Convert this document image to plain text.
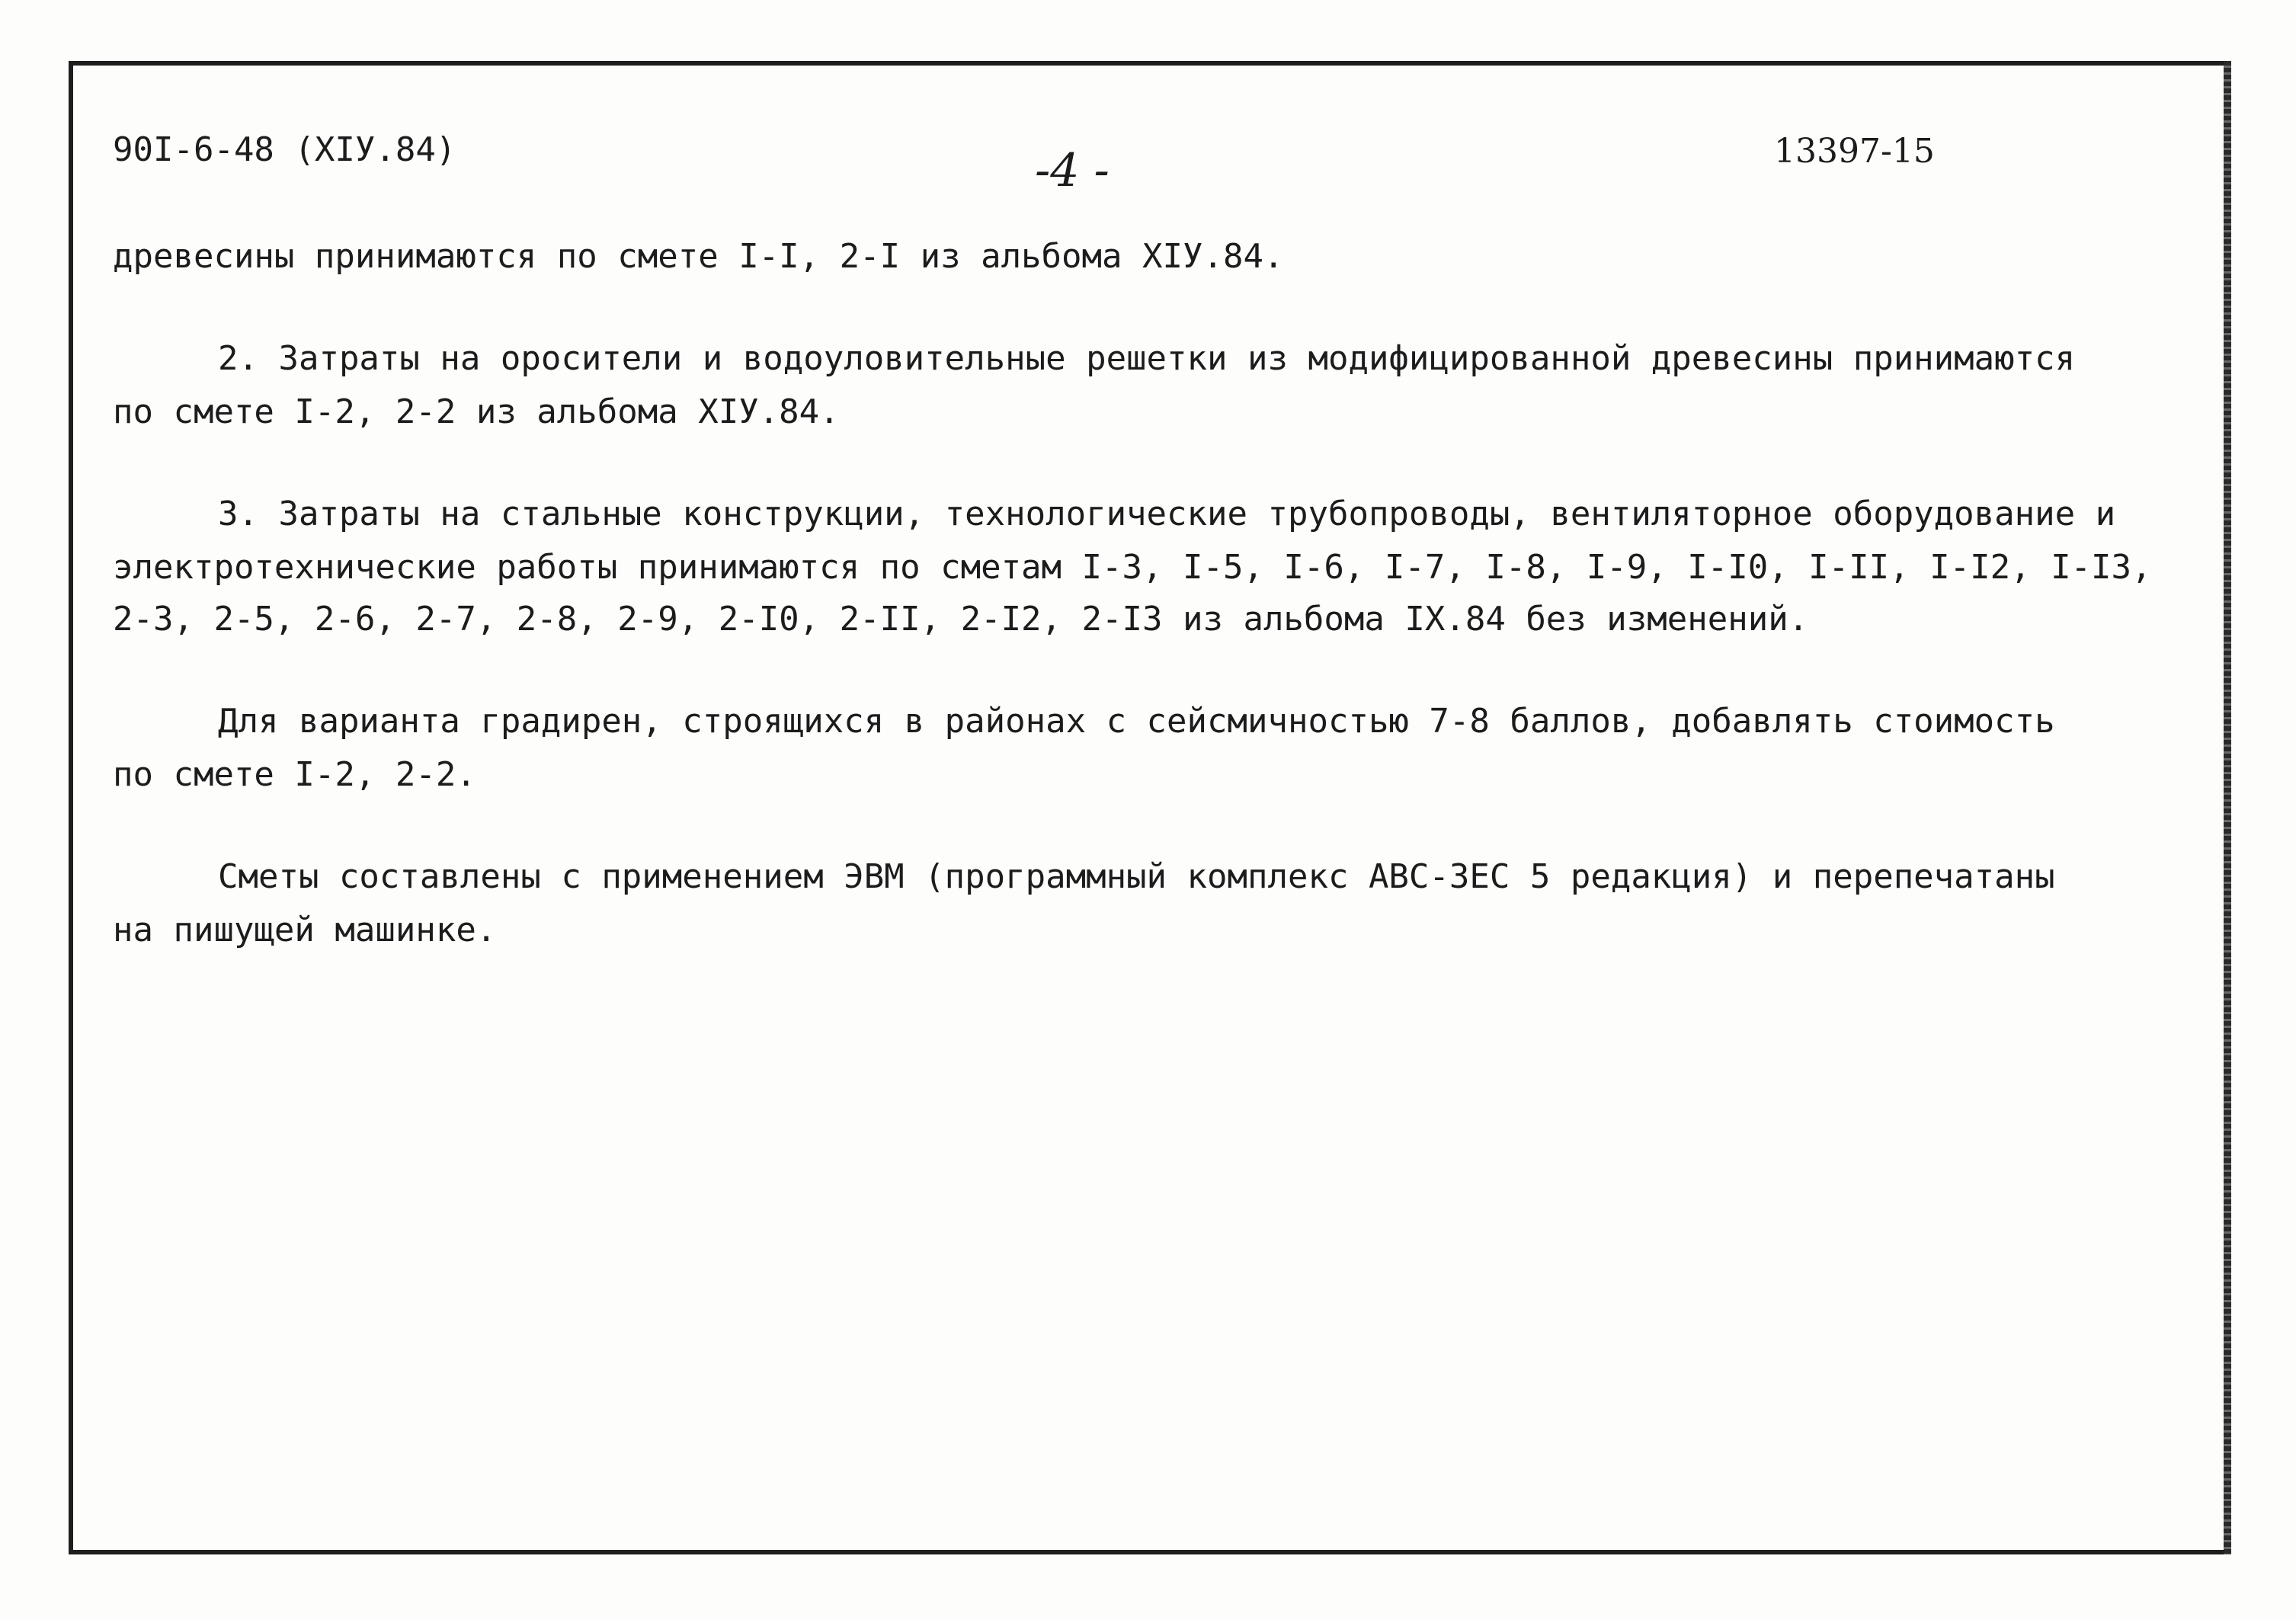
90I-6-48 (XIУ.84)	-4 -	13397-15

древесины принимаются по смете I-I, 2-I из альбома XIУ.84.

2. Затраты на оросители и водоуловительные решетки из модифицированной древесины принимаются

по смете I-2, 2-2 из альбома XIУ.84.

3. Затраты на стальные конструкции, технологические трубопроводы, вентиляторное оборудование и

электротехнические работы принимаются по сметам I-3, I-5, I-6, I-7, I-8, I-9, I-I0, I-II, I-I2, I-I3,

2-3, 2-5, 2-6, 2-7, 2-8, 2-9, 2-I0, 2-II, 2-I2, 2-I3 из альбома IX.84 без изменений.

Для варианта градирен, строящихся в районах с сейсмичностью 7-8 баллов, добавлять стоимость

по смете I-2, 2-2.

Сметы составлены с применением ЭВМ (программный комплекс АВС-ЗЕС 5 редакция) и перепечатаны

на пишущей машинке.
